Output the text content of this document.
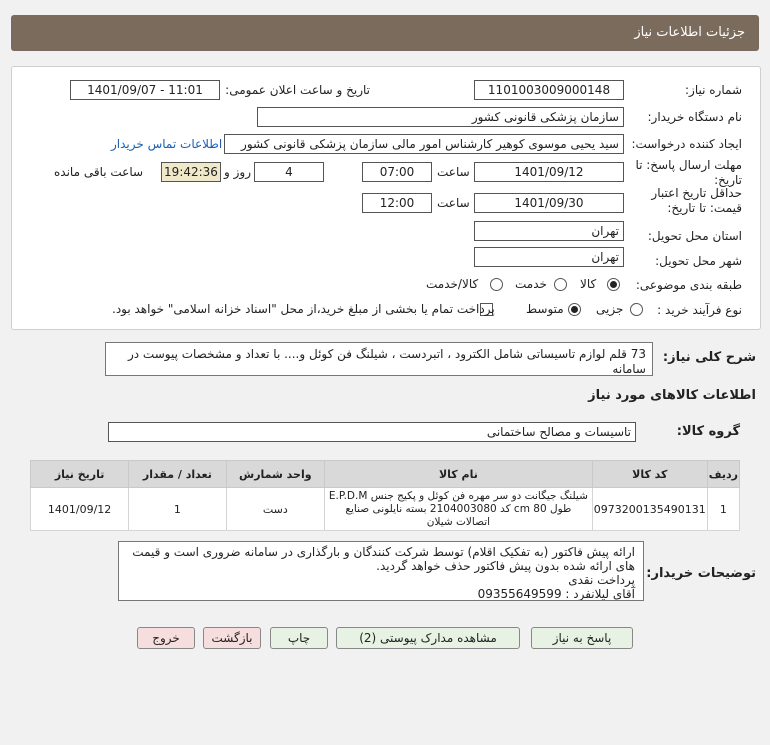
جزئیات اطلاعات نیاز
شماره نیاز:
1101003009000148
تاریخ و ساعت اعلان عمومی:
1401/09/07 - 11:01
نام دستگاه خریدار:
سازمان پزشکی قانونی کشور
ایجاد کننده درخواست:
سید یحیی موسوی کوهیر کارشناس امور مالی سازمان پزشکی قانونی کشور
اطلاعات تماس خریدار
مهلت ارسال پاسخ: تا تاریخ:
1401/09/12
ساعت
07:00
4
روز و
19:42:36
ساعت باقی مانده
حداقل تاریخ اعتبار قیمت: تا تاریخ:
1401/09/30
ساعت
12:00
استان محل تحویل:
تهران
شهر محل تحویل:
تهران
طبقه بندی موضوعی:
کالا
خدمت
کالا/خدمت
نوع فرآیند خرید :
جزیی
متوسط
پرداخت تمام یا بخشی از مبلغ خرید،از محل "اسناد خزانه اسلامی" خواهد بود.
شرح کلی نیاز:
73 قلم لوازم تاسیساتی شامل الکترود ، اتبردست ، شیلنگ فن کوئل و.... با تعداد و مشخصات پیوست در سامانه
اطلاعات کالاهای مورد نیاز
گروه کالا:
تاسیسات و مصالح ساختمانی
ردیف	کد کالا	نام کالا	واحد شمارش	تعداد / مقدار	تاریخ نیاز
1	0973200135490131	شیلنگ جیگانت دو سر مهره فن کوئل و پکیج جنس E.P.D.M طول 80 cm کد 2104003080 بسته نایلونی صنایع اتصالات شیلان	دست	1	1401/09/12
توضیحات خریدار:
ارائه پیش فاکتور (به تفکیک اقلام) توسط شرکت کنندگان و بارگذاری در سامانه ضروری است و قیمت
های ارائه شده بدون پیش فاکتور حذف خواهد گردید.
پرداخت نقدی
آقای لیلانفرد : 09355649599
پاسخ به نیاز
مشاهده مدارک پیوستی (2)
چاپ
بازگشت
خروج
